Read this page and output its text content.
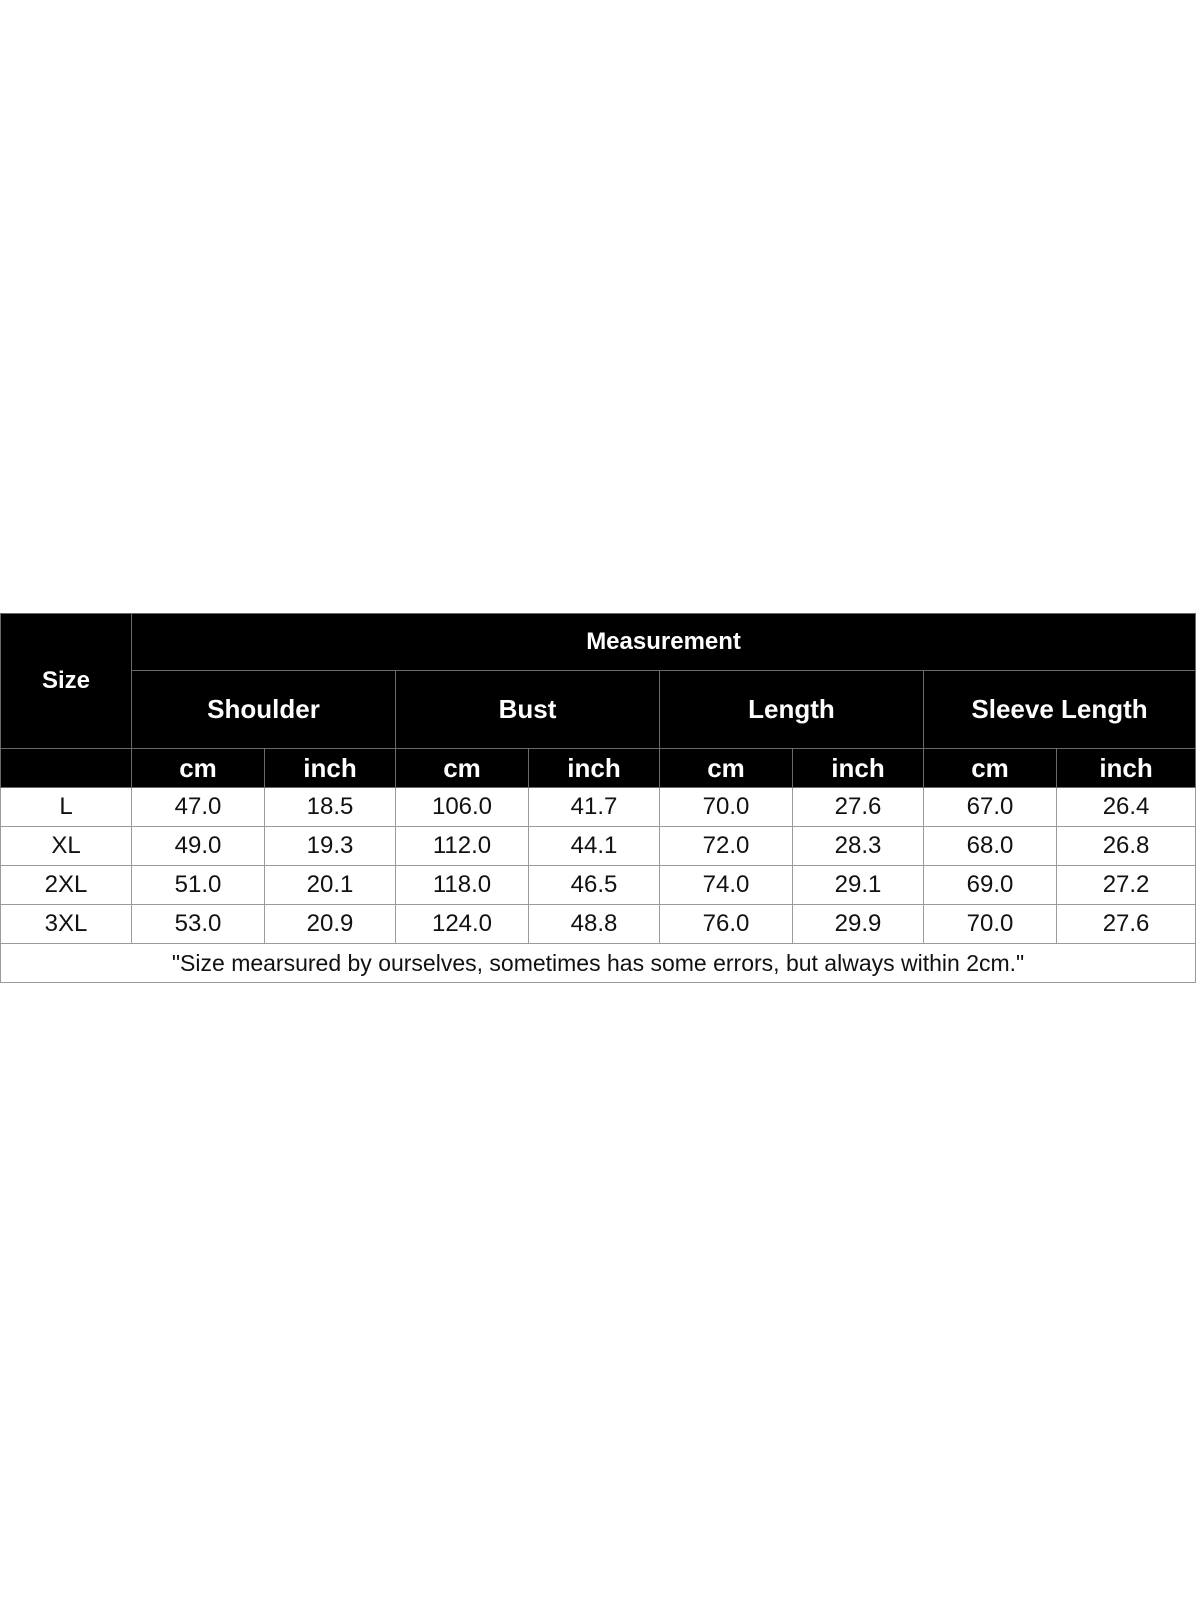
Size	Measurement							
	Shoulder		Bust		Length		Sleeve Length	
	cm	inch	cm	inch	cm	inch	cm	inch
L	47.0	18.5	106.0	41.7	70.0	27.6	67.0	26.4
XL	49.0	19.3	112.0	44.1	72.0	28.3	68.0	26.8
2XL	51.0	20.1	118.0	46.5	74.0	29.1	69.0	27.2
3XL	53.0	20.9	124.0	48.8	76.0	29.9	70.0	27.6
"Size mearsured by ourselves, sometimes has some errors, but always within 2cm."								
